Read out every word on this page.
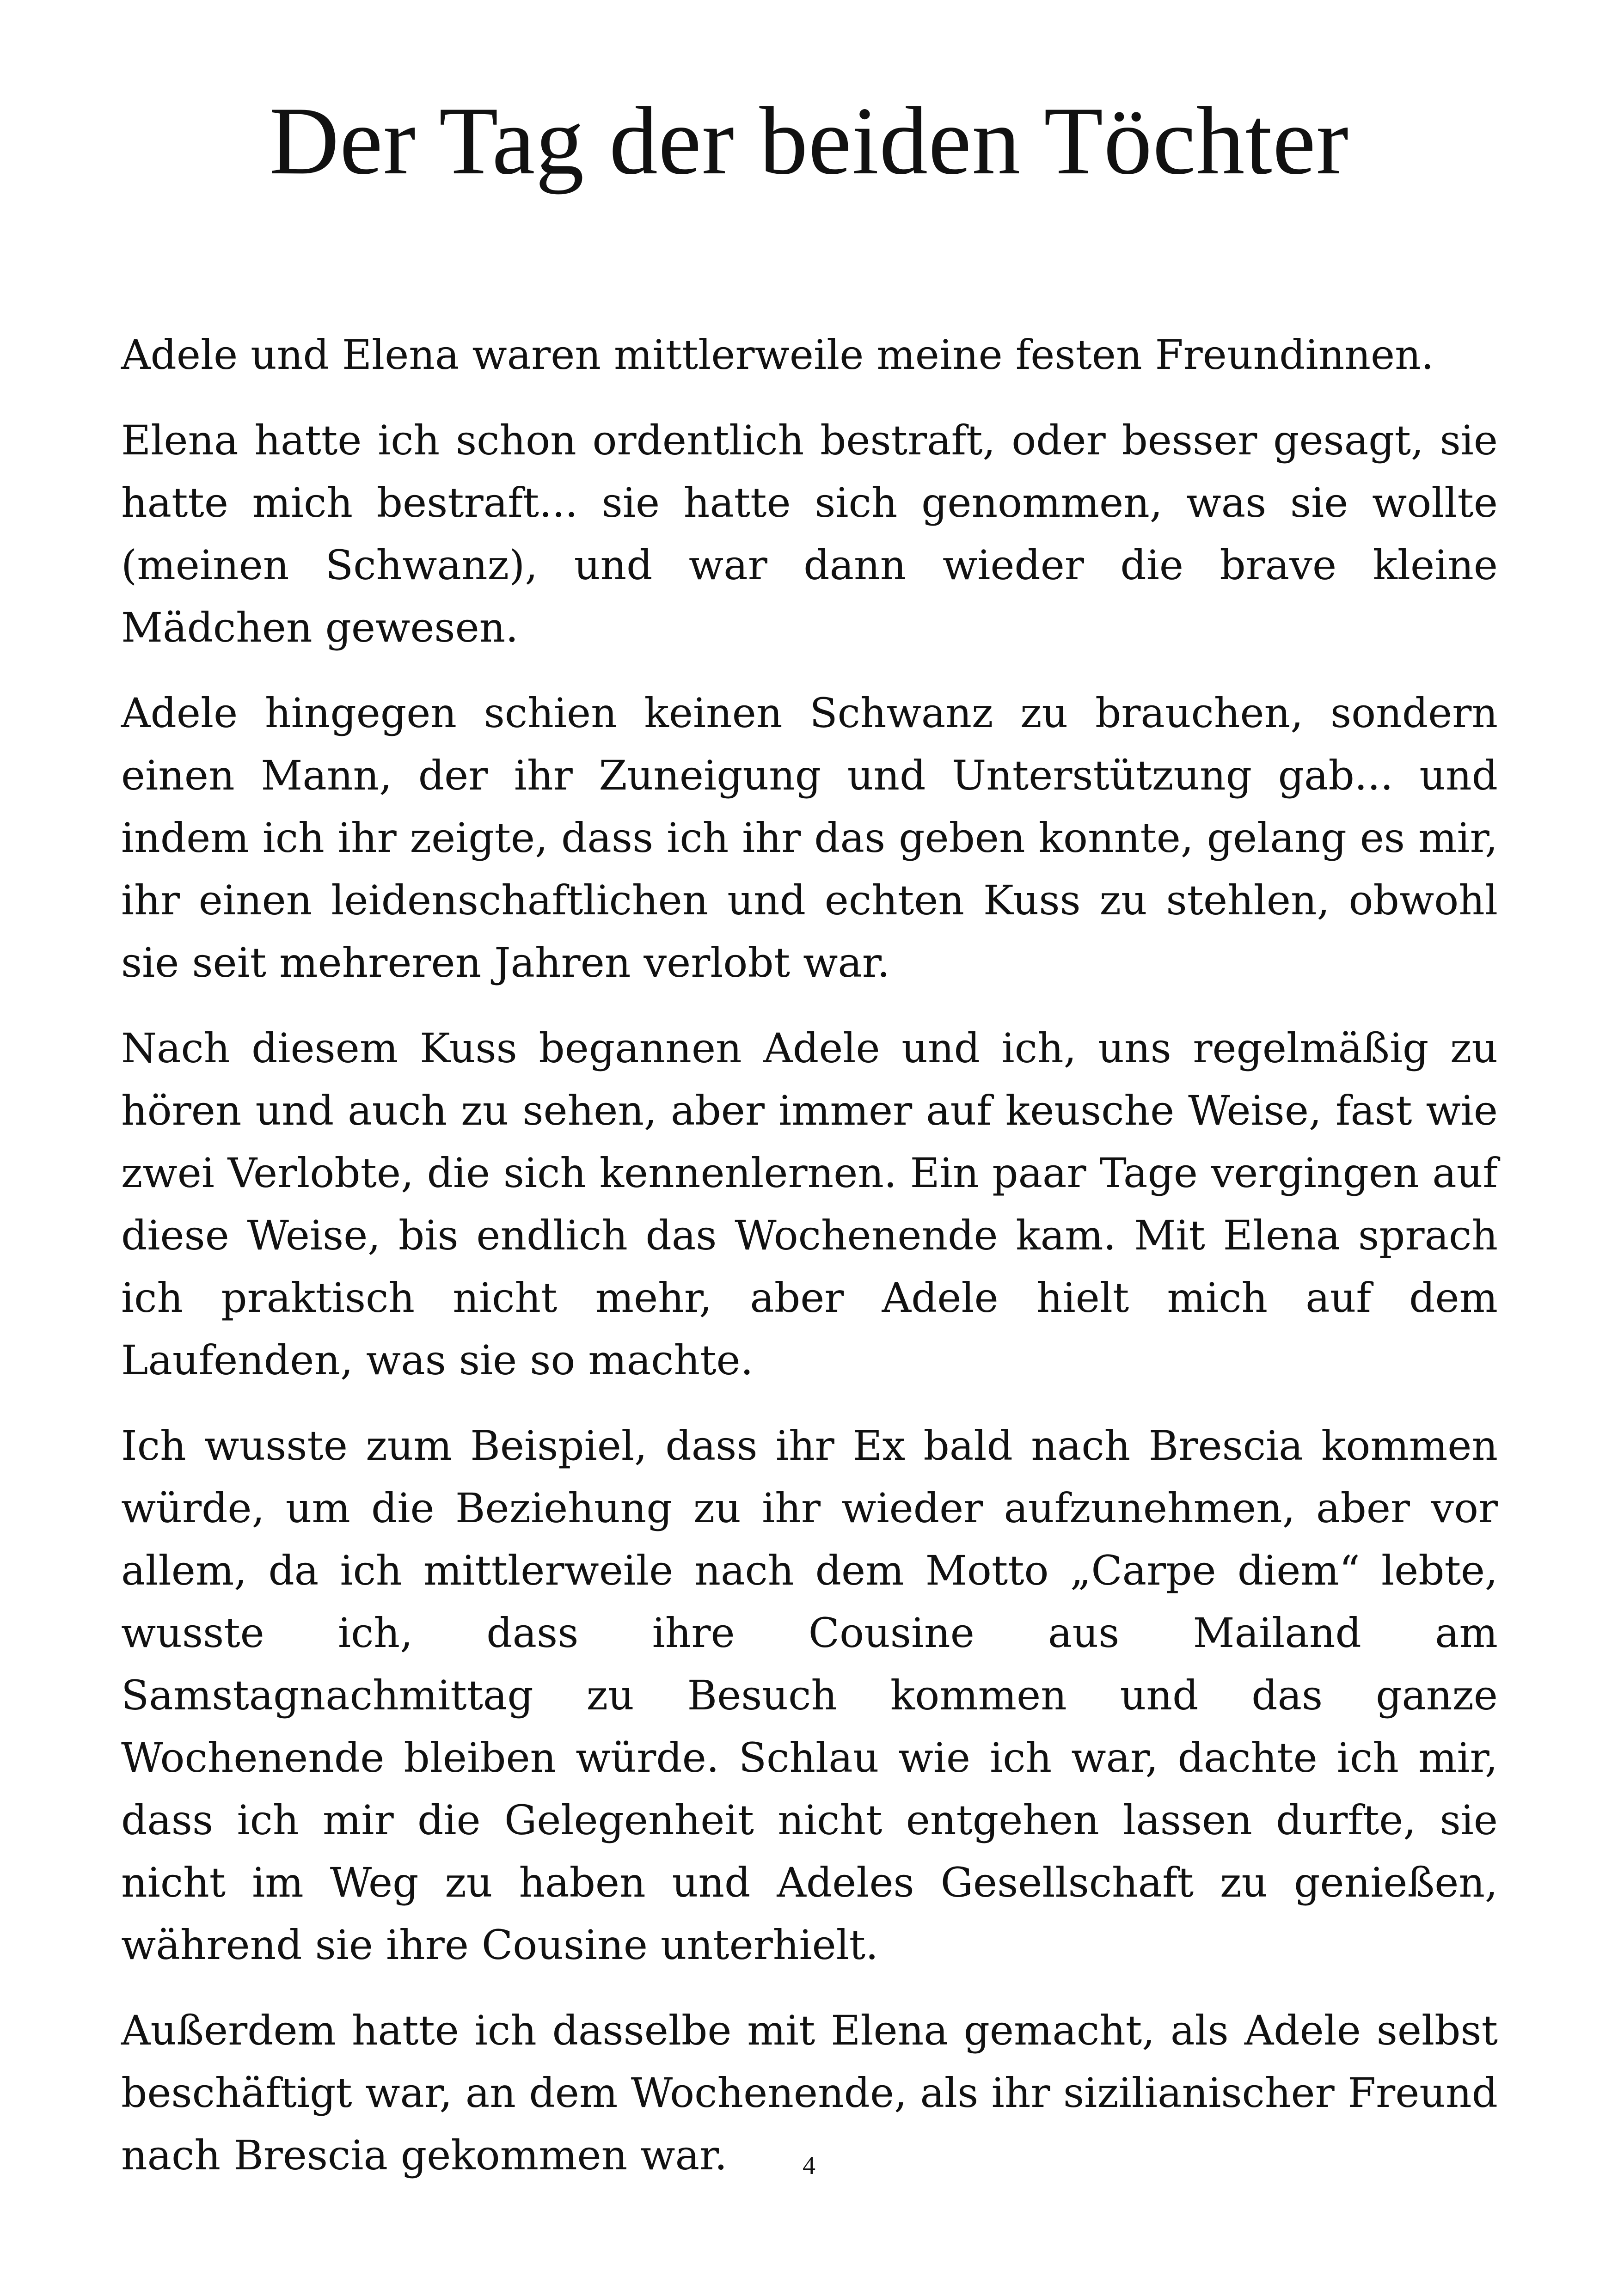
Der Tag der beiden Töchter

Adele und Elena waren mittlerweile meine festen Freundinnen.

Elena hatte ich schon ordentlich bestraft, oder besser gesagt, sie hatte mich bestraft... sie hatte sich genommen, was sie wollte (meinen Schwanz), und war dann wieder die brave kleine Mädchen gewesen.

Adele hingegen schien keinen Schwanz zu brauchen, sondern einen Mann, der ihr Zuneigung und Unterstützung gab... und indem ich ihr zeigte, dass ich ihr das geben konnte, gelang es mir, ihr einen leidenschaftlichen und echten Kuss zu stehlen, obwohl sie seit mehreren Jahren verlobt war.

Nach diesem Kuss begannen Adele und ich, uns regelmäßig zu hören und auch zu sehen, aber immer auf keusche Weise, fast wie zwei Verlobte, die sich kennenlernen. Ein paar Tage vergingen auf diese Weise, bis endlich das Wochenende kam. Mit Elena sprach ich praktisch nicht mehr, aber Adele hielt mich auf dem Laufenden, was sie so machte.

Ich wusste zum Beispiel, dass ihr Ex bald nach Brescia kommen würde, um die Beziehung zu ihr wieder aufzunehmen, aber vor allem, da ich mittlerweile nach dem Motto „Carpe diem“ lebte, wusste ich, dass ihre Cousine aus Mailand am Samstagnachmittag zu Besuch kommen und das ganze Wochenende bleiben würde. Schlau wie ich war, dachte ich mir, dass ich mir die Gelegenheit nicht entgehen lassen durfte, sie nicht im Weg zu haben und Adeles Gesellschaft zu genießen, während sie ihre Cousine unterhielt.

Außerdem hatte ich dasselbe mit Elena gemacht, als Adele selbst beschäftigt war, an dem Wochenende, als ihr sizilianischer Freund nach Brescia gekommen war.	4
